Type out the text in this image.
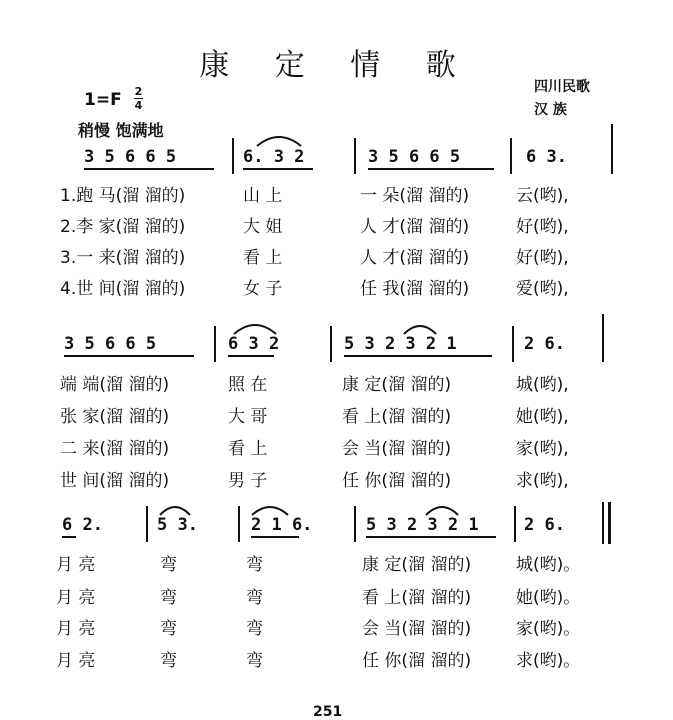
康 定 情 歌
四川民歌
汉 族
1=F 2
4
稍慢 饱满地
3 5 6 6 5	6. 3 2	3 5 6 6 5	6 3.
1.跑 马(溜 溜的)	山 上	一 朵(溜 溜的)	云(哟),
2.李 家(溜 溜的)	大 姐	人 才(溜 溜的)	好(哟),
3.一 来(溜 溜的)	看 上	人 才(溜 溜的)	好(哟),
4.世 间(溜 溜的)	女 子	任 我(溜 溜的)	爱(哟),
3 5 6 6 5	6 3 2	5 3 2 3 2 1	2 6.
端 端(溜 溜的)	照 在	康 定(溜 溜的)	城(哟),
张 家(溜 溜的)	大 哥	看 上(溜 溜的)	她(哟),
二 来(溜 溜的)	看 上	会 当(溜 溜的)	家(哟),
世 间(溜 溜的)	男 子	任 你(溜 溜的)	求(哟),
6 2.	5 3.	2 1 6.	5 3 2 3 2 1	2 6.
月 亮	弯	弯	康 定(溜 溜的)	城(哟)。
月 亮	弯	弯	看 上(溜 溜的)	她(哟)。
月 亮	弯	弯	会 当(溜 溜的)	家(哟)。
月 亮	弯	弯	任 你(溜 溜的)	求(哟)。
251
